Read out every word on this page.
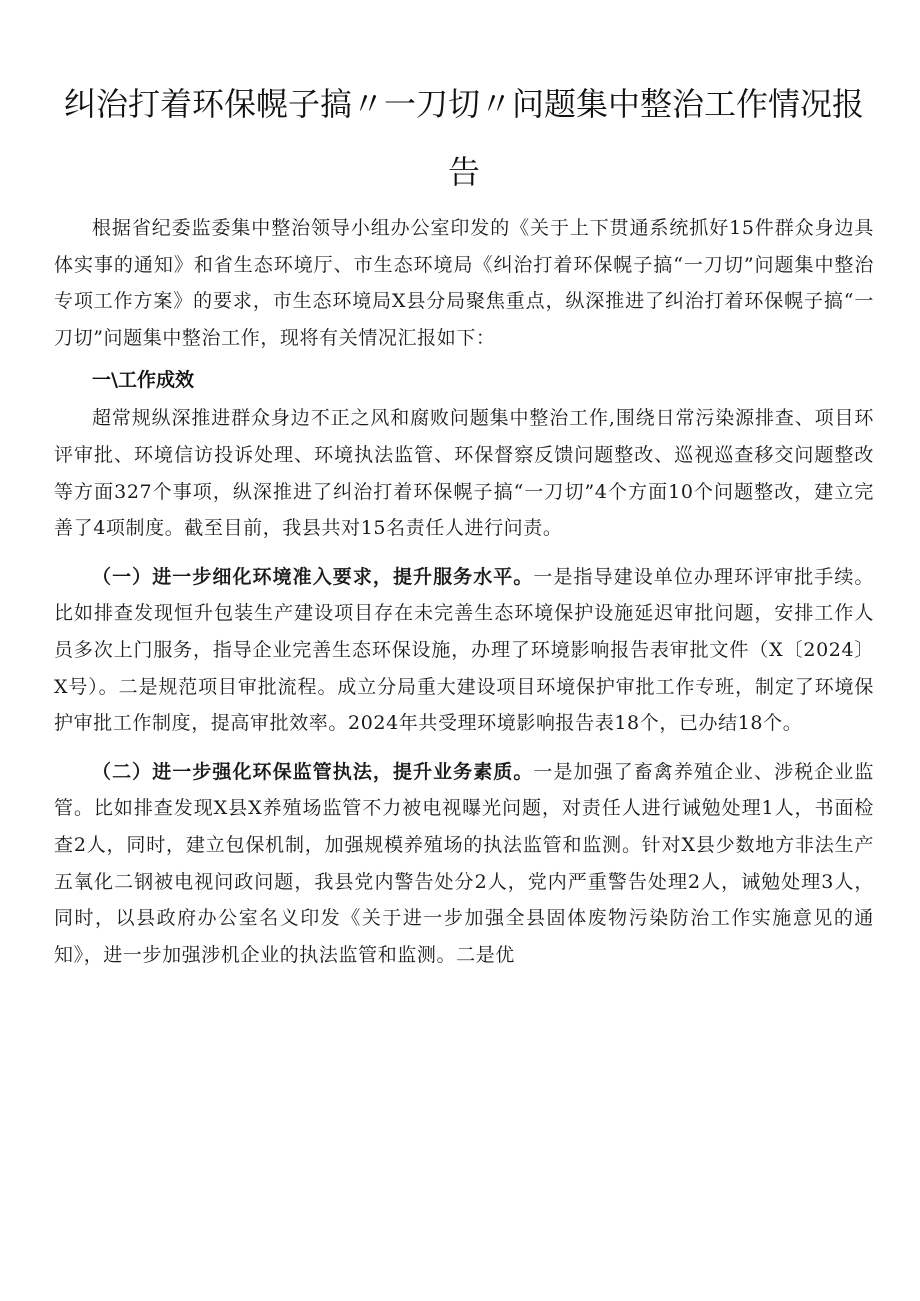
纠治打着环保幌子搞〃一刀切〃问题集中整治工作情况报告

根据省纪委监委集中整治领导小组办公室印发的《关于上下贯通系统抓好15件群众身边具体实事的通知》和省生态环境厅、市生态环境局《纠治打着环保幌子搞“一刀切”问题集中整治专项工作方案》的要求，市生态环境局X县分局聚焦重点，纵深推进了纠治打着环保幌子搞“一刀切”问题集中整治工作，现将有关情况汇报如下：

一\工作成效

超常规纵深推进群众身边不正之风和腐败问题集中整治工作,围绕日常污染源排查、项目环评审批、环境信访投诉处理、环境执法监管、环保督察反馈问题整改、巡视巡查移交问题整改等方面327个事项，纵深推进了纠治打着环保幌子搞“一刀切”4个方面10个问题整改，建立完善了4项制度。截至目前，我县共对15名责任人进行问责。

（一）进一步细化环境准入要求，提升服务水平。一是指导建设单位办理环评审批手续。比如排查发现恒升包装生产建设项目存在未完善生态环境保护设施延迟审批问题，安排工作人员多次上门服务，指导企业完善生态环保设施，办理了环境影响报告表审批文件（X〔2024〕X号）。二是规范项目审批流程。成立分局重大建设项目环境保护审批工作专班，制定了环境保护审批工作制度，提高审批效率。2024年共受理环境影响报告表18个，已办结18个。

（二）进一步强化环保监管执法，提升业务素质。一是加强了畜禽养殖企业、涉税企业监管。比如排查发现X县X养殖场监管不力被电视曝光问题，对责任人进行诫勉处理1人，书面检查2人，同时，建立包保机制，加强规模养殖场的执法监管和监测。针对X县少数地方非法生产五氧化二钢被电视问政问题，我县党内警告处分2人，党内严重警告处理2人，诫勉处理3人，同时，以县政府办公室名义印发《关于进一步加强全县固体废物污染防治工作实施意见的通知》，进一步加强涉机企业的执法监管和监测。二是优
